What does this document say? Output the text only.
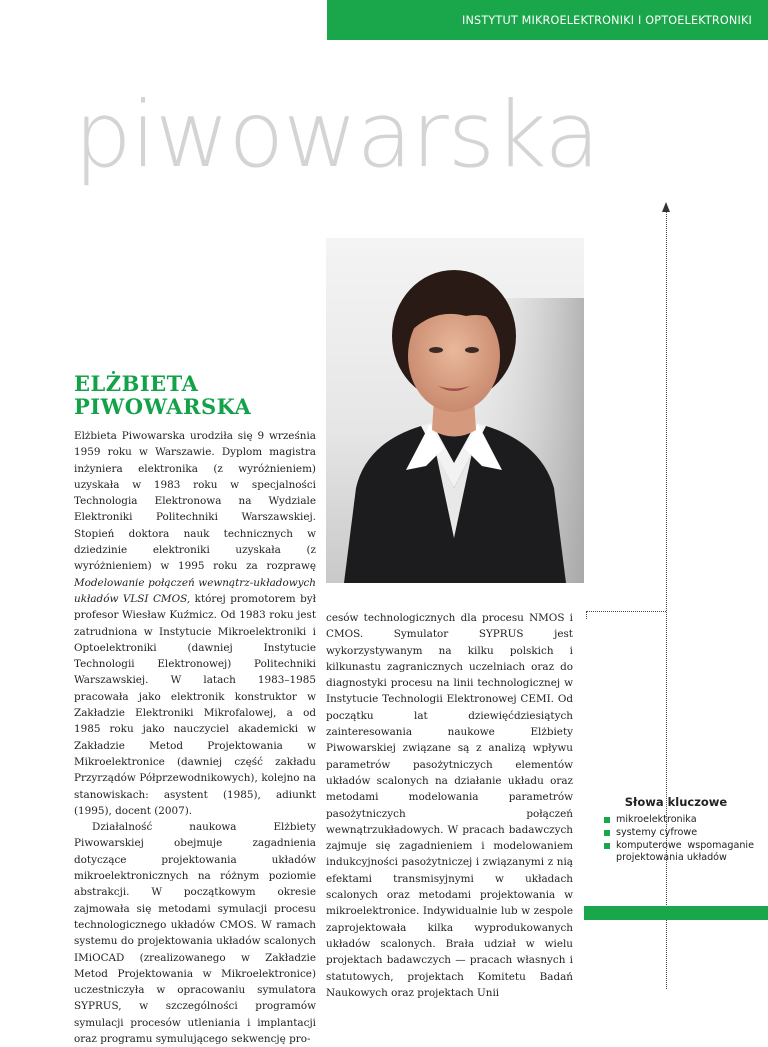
INSTYTUT MIKROELEKTRONIKI I OPTOELEKTRONIKI
piwowarska
ELŻBIETA
PIWOWARSKA

Elżbieta Piwowarska urodziła się 9 września 1959 roku w Warszawie. Dyplom magistra inżyniera elektronika (z wyróżnieniem) uzyskała w 1983 roku w specjalności Technologia Elektronowa na Wydziale Elektroniki Politechniki Warszawskiej. Stopień doktora nauk technicznych w dziedzinie elektroniki uzyskała (z wyróżnieniem) w 1995 roku za rozprawę Modelowanie połączeń wewnątrz-układowych układów VLSI CMOS, której promotorem był profesor Wiesław Kuźmicz. Od 1983 roku jest zatrudniona w Instytucie Mikroelektroniki i Optoelektroniki (dawniej Instytucie Technologii Elektronowej) Politechniki Warszawskiej. W latach 1983–1985 pracowała jako elektronik konstruktor w Zakładzie Elektroniki Mikrofalowej, a od 1985 roku jako nauczyciel akademicki w Zakładzie Metod Projektowania w Mikroelektronice (dawniej część zakładu Przyrządów Półprzewodnikowych), kolejno na stanowiskach: asystent (1985), adiunkt (1995), docent (2007).

Działalność naukowa Elżbiety Piwowarskiej obejmuje zagadnienia dotyczące projektowania układów mikroelektronicznych na różnym poziomie abstrakcji. W początkowym okresie zajmowała się metodami symulacji procesu technologicznego układów CMOS. W ramach systemu do projektowania układów scalonych IMiOCAD (zrealizowanego w Zakładzie Metod Projektowania w Mikroelektronice) uczestniczyła w opracowaniu symulatora SYPRUS, w szczególności programów symulacji procesów utleniania i implantacji oraz programu symulującego sekwencję pro-

cesów technologicznych dla procesu NMOS i CMOS. Symulator SYPRUS jest wykorzystywanym na kilku polskich i kilkunastu zagranicznych uczelniach oraz do diagnostyki procesu na linii technologicznej w Instytucie Technologii Elektronowej CEMI. Od początku lat dziewięćdziesiątych zainteresowania naukowe Elżbiety Piwowarskiej związane są z analizą wpływu parametrów pasożytniczych elementów układów scalonych na działanie układu oraz metodami modelowania parametrów pasożytniczych połączeń wewnątrzukładowych. W pracach badawczych zajmuje się zagadnieniem i modelowaniem indukcyjności pasożytniczej i związanymi z nią efektami transmisyjnymi w układach scalonych oraz metodami projektowania w mikroelektronice. Indywidualnie lub w zespole zaprojektowała kilka wyprodukowanych układów scalonych. Brała udział w wielu projektach badawczych — pracach własnych i statutowych, projektach Komitetu Badań Naukowych oraz projektach Unii

Słowa kluczowe
mikroelektronika
systemy cyfrowe
komputerowe wspomaganie projektowania układów
